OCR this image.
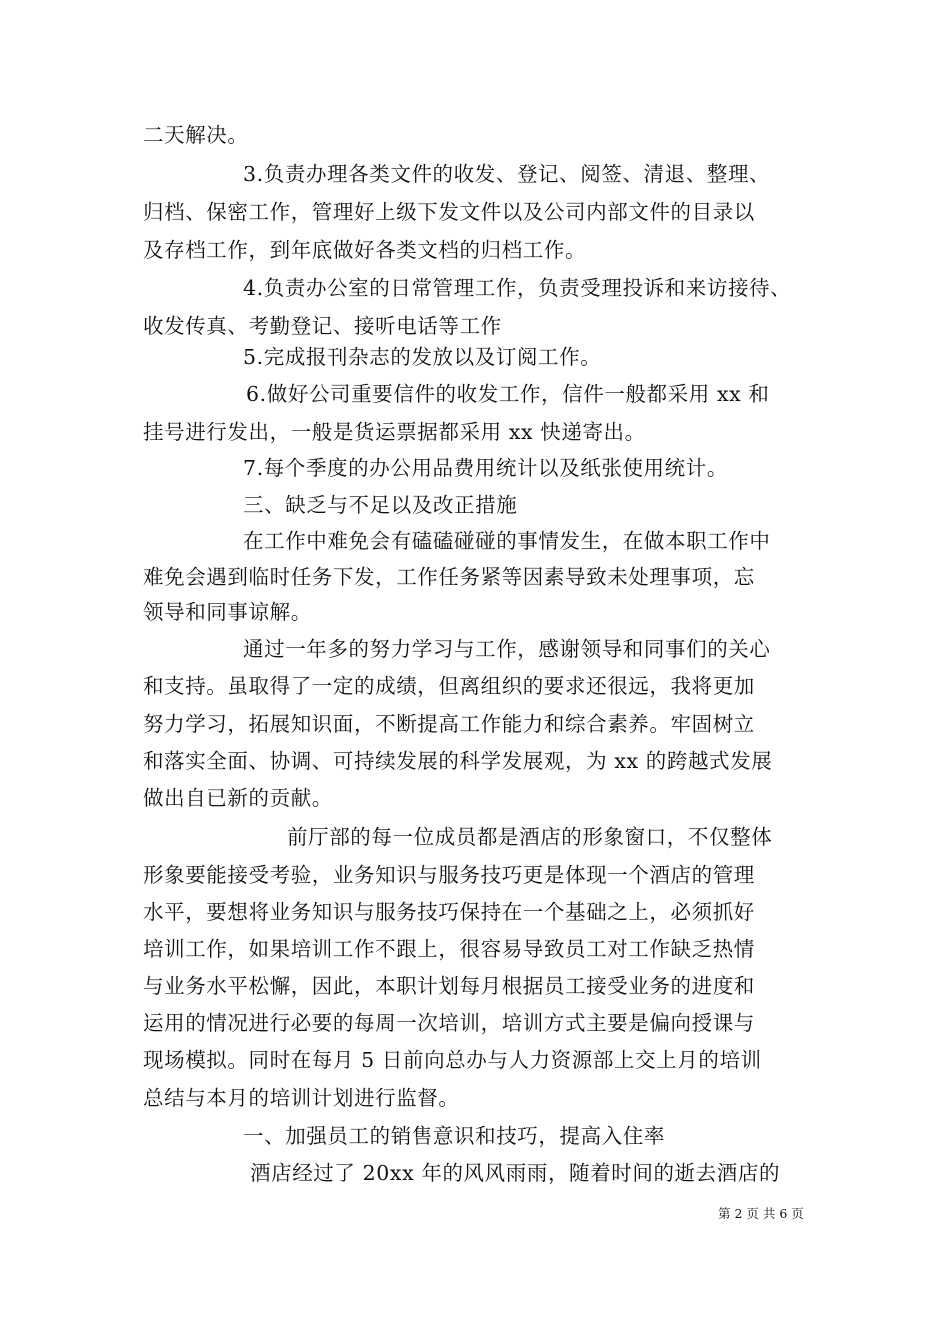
二天解决。
3.负责办理各类文件的收发、登记、阅签、清退、整理、
归档、保密工作，管理好上级下发文件以及公司内部文件的目录以
及存档工作，到年底做好各类文档的归档工作。
4.负责办公室的日常管理工作，负责受理投诉和来访接待、
收发传真、考勤登记、接听电话等工作
5.完成报刊杂志的发放以及订阅工作。
6.做好公司重要信件的收发工作，信件一般都采用 xx 和
挂号进行发出，一般是货运票据都采用 xx 快递寄出。
7.每个季度的办公用品费用统计以及纸张使用统计。
三、缺乏与不足以及改正措施
在工作中难免会有磕磕碰碰的事情发生，在做本职工作中
难免会遇到临时任务下发，工作任务紧等因素导致未处理事项，忘
领导和同事谅解。
通过一年多的努力学习与工作，感谢领导和同事们的关心
和支持。虽取得了一定的成绩，但离组织的要求还很远，我将更加
努力学习，拓展知识面，不断提高工作能力和综合素养。牢固树立
和落实全面、协调、可持续发展的科学发展观，为 xx 的跨越式发展
做出自已新的贡献。
前厅部的每一位成员都是酒店的形象窗口，不仅整体
形象要能接受考验，业务知识与服务技巧更是体现一个酒店的管理
水平，要想将业务知识与服务技巧保持在一个基础之上，必须抓好
培训工作，如果培训工作不跟上，很容易导致员工对工作缺乏热情
与业务水平松懈，因此，本职计划每月根据员工接受业务的进度和
运用的情况进行必要的每周一次培训，培训方式主要是偏向授课与
现场模拟。同时在每月 5 日前向总办与人力资源部上交上月的培训
总结与本月的培训计划进行监督。
一、加强员工的销售意识和技巧，提高入住率
酒店经过了 20xx 年的风风雨雨，随着时间的逝去酒店的
第 2 页 共 6 页
